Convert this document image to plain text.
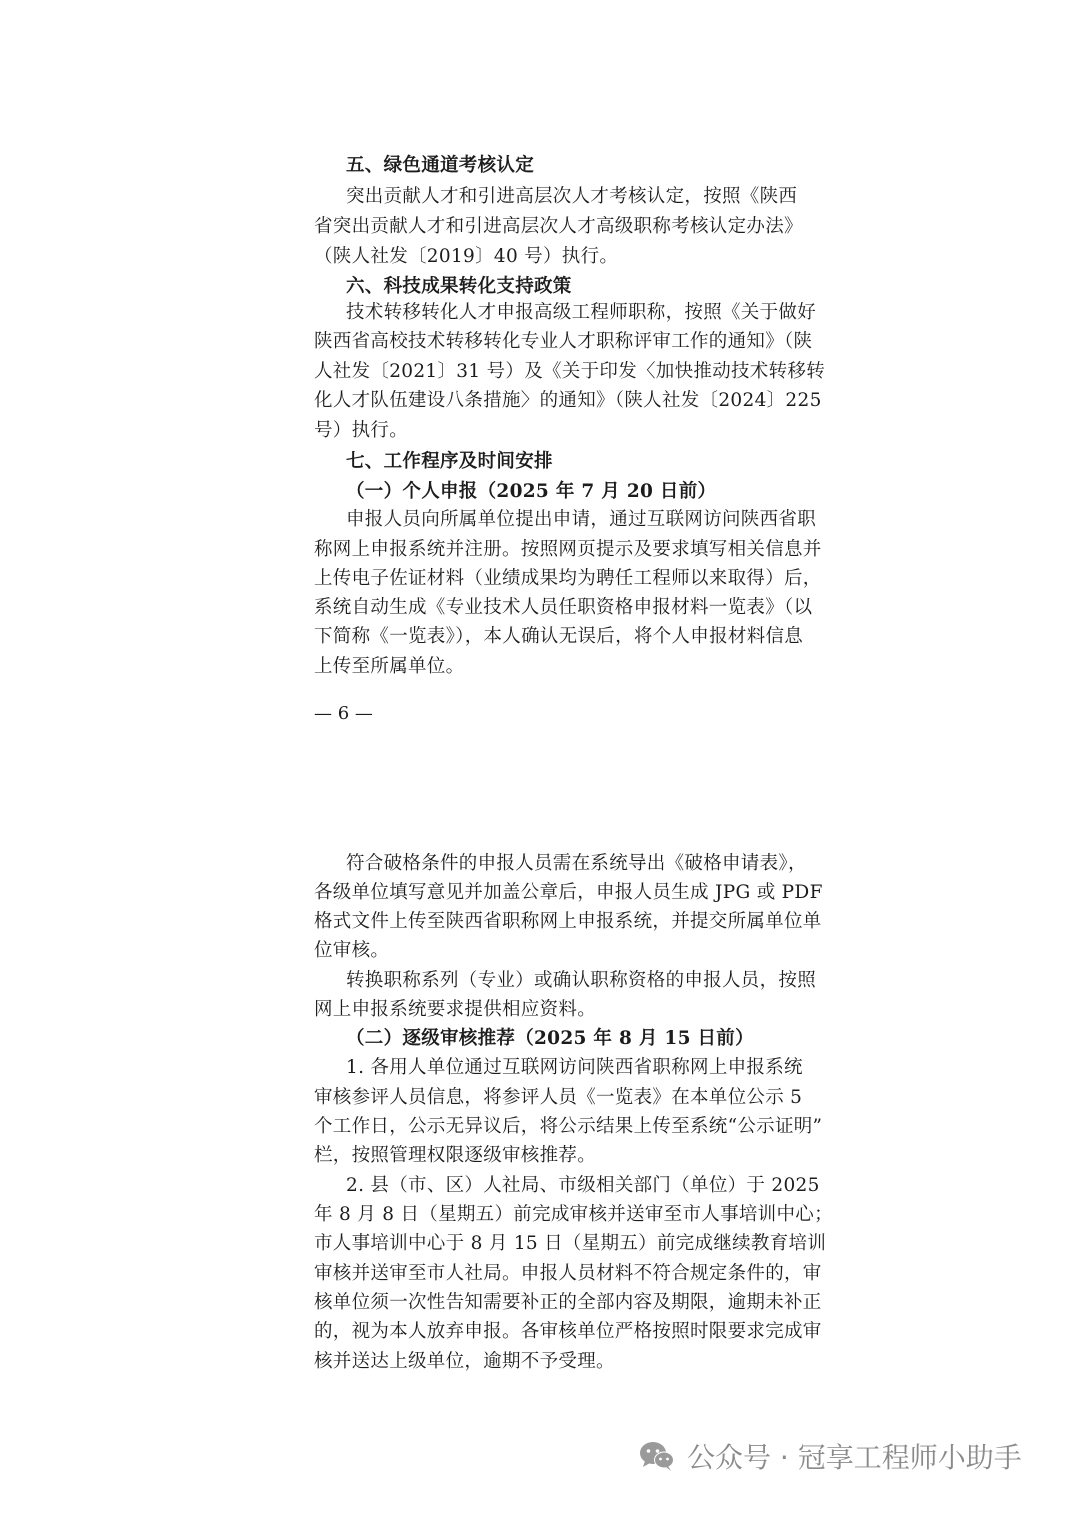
五、绿色通道考核认定
突出贡献人才和引进高层次人才考核认定，按照《陕西
省突出贡献人才和引进高层次人才高级职称考核认定办法》
（陕人社发〔2019〕40 号）执行。
六、科技成果转化支持政策
技术转移转化人才申报高级工程师职称，按照《关于做好
陕西省高校技术转移转化专业人才职称评审工作的通知》（陕
人社发〔2021〕31 号）及《关于印发〈加快推动技术转移转
化人才队伍建设八条措施〉的通知》（陕人社发〔2024〕225
号）执行。
七、工作程序及时间安排
（一）个人申报（2025 年 7 月 20 日前）
申报人员向所属单位提出申请，通过互联网访问陕西省职
称网上申报系统并注册。按照网页提示及要求填写相关信息并
上传电子佐证材料（业绩成果均为聘任工程师以来取得）后，
系统自动生成《专业技术人员任职资格申报材料一览表》（以
下简称《一览表》），本人确认无误后，将个人申报材料信息
上传至所属单位。
— 6 —
符合破格条件的申报人员需在系统导出《破格申请表》，
各级单位填写意见并加盖公章后，申报人员生成 JPG 或 PDF
格式文件上传至陕西省职称网上申报系统，并提交所属单位单
位审核。
转换职称系列（专业）或确认职称资格的申报人员，按照
网上申报系统要求提供相应资料。
（二）逐级审核推荐（2025 年 8 月 15 日前）
1. 各用人单位通过互联网访问陕西省职称网上申报系统
审核参评人员信息，将参评人员《一览表》在本单位公示 5
个工作日，公示无异议后，将公示结果上传至系统“公示证明”
栏，按照管理权限逐级审核推荐。
2. 县（市、区）人社局、市级相关部门（单位）于 2025
年 8 月 8 日（星期五）前完成审核并送审至市人事培训中心；
市人事培训中心于 8 月 15 日（星期五）前完成继续教育培训
审核并送审至市人社局。申报人员材料不符合规定条件的，审
核单位须一次性告知需要补正的全部内容及期限，逾期未补正
的，视为本人放弃申报。各审核单位严格按照时限要求完成审
核并送达上级单位，逾期不予受理。
公众号 · 冠享工程师小助手
